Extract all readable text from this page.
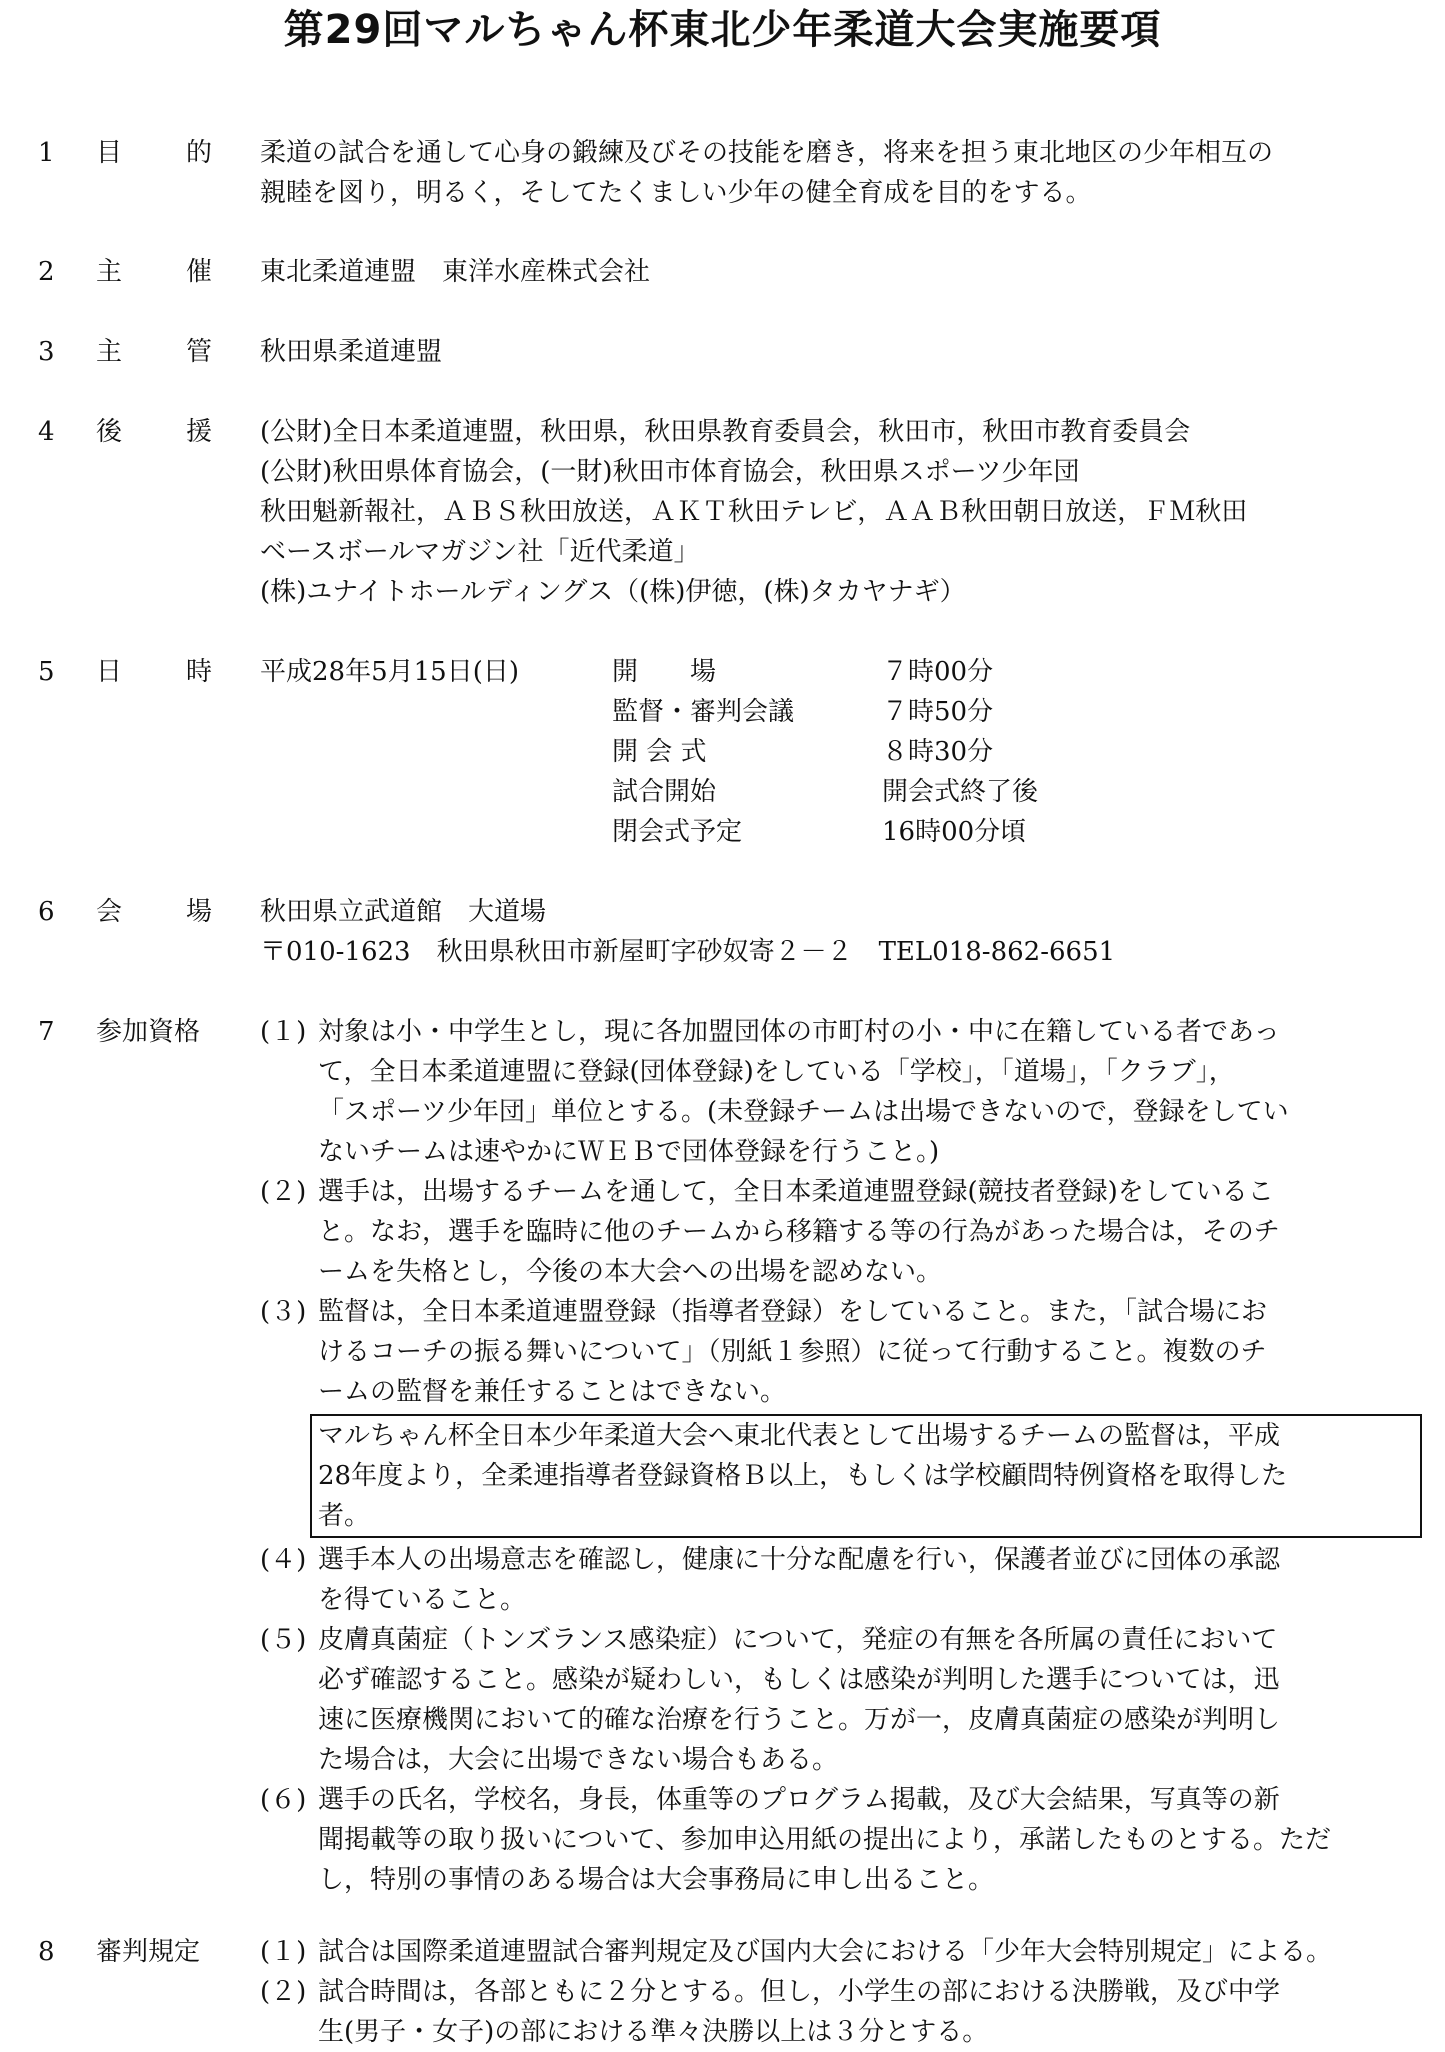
第29回マルちゃん杯東北少年柔道大会実施要項
1 目 的 柔道の試合を通して心身の鍛練及びその技能を磨き，将来を担う東北地区の少年相互の
親睦を図り，明るく，そしてたくましい少年の健全育成を目的をする。
2 主 催 東北柔道連盟　東洋水産株式会社
3 主 管 秋田県柔道連盟
4 後 援 (公財)全日本柔道連盟，秋田県，秋田県教育委員会，秋田市，秋田市教育委員会
(公財)秋田県体育協会，(一財)秋田市体育協会，秋田県スポーツ少年団
秋田魁新報社，ＡＢＳ秋田放送，ＡＫＴ秋田テレビ，ＡＡＢ秋田朝日放送，ＦＭ秋田
ベースボールマガジン社「近代柔道」
(株)ユナイトホールディングス（(株)伊徳，(株)タカヤナギ）
5 日 時 平成28年5月15日(日)	開　　場	７時00分
監督・審判会議	７時50分
開 会 式	８時30分
試合開始	開会式終了後
閉会式予定	16時00分頃
6 会 場 秋田県立武道館　大道場
〒010-1623　秋田県秋田市新屋町字砂奴寄２－２　TEL018-862-6651
7 参加資格	(１) 対象は小・中学生とし，現に各加盟団体の市町村の小・中に在籍している者であっ
て，全日本柔道連盟に登録(団体登録)をしている「学校」，「道場」，「クラブ」，
「スポーツ少年団」単位とする。(未登録チームは出場できないので，登録をしてい
ないチームは速やかにＷＥＢで団体登録を行うこと。)
(２) 選手は，出場するチームを通して，全日本柔道連盟登録(競技者登録)をしているこ
と。なお，選手を臨時に他のチームから移籍する等の行為があった場合は，そのチ
ームを失格とし，今後の本大会への出場を認めない。
(３) 監督は，全日本柔道連盟登録（指導者登録）をしていること。また，「試合場にお
けるコーチの振る舞いについて」（別紙１参照）に従って行動すること。複数のチ
ームの監督を兼任することはできない。
マルちゃん杯全日本少年柔道大会へ東北代表として出場するチームの監督は，平成
28年度より，全柔連指導者登録資格Ｂ以上，もしくは学校顧問特例資格を取得した
者。
(４) 選手本人の出場意志を確認し，健康に十分な配慮を行い，保護者並びに団体の承認
を得ていること。
(５) 皮膚真菌症（トンズランス感染症）について，発症の有無を各所属の責任において
必ず確認すること。感染が疑わしい，もしくは感染が判明した選手については，迅
速に医療機関において的確な治療を行うこと。万が一，皮膚真菌症の感染が判明し
た場合は，大会に出場できない場合もある。
(６) 選手の氏名，学校名，身長，体重等のプログラム掲載，及び大会結果，写真等の新
聞掲載等の取り扱いについて、参加申込用紙の提出により，承諾したものとする。ただ
し，特別の事情のある場合は大会事務局に申し出ること。
8 審判規定	(１) 試合は国際柔道連盟試合審判規定及び国内大会における「少年大会特別規定」による。
(２) 試合時間は，各部ともに２分とする。但し，小学生の部における決勝戦，及び中学
生(男子・女子)の部における準々決勝以上は３分とする。
